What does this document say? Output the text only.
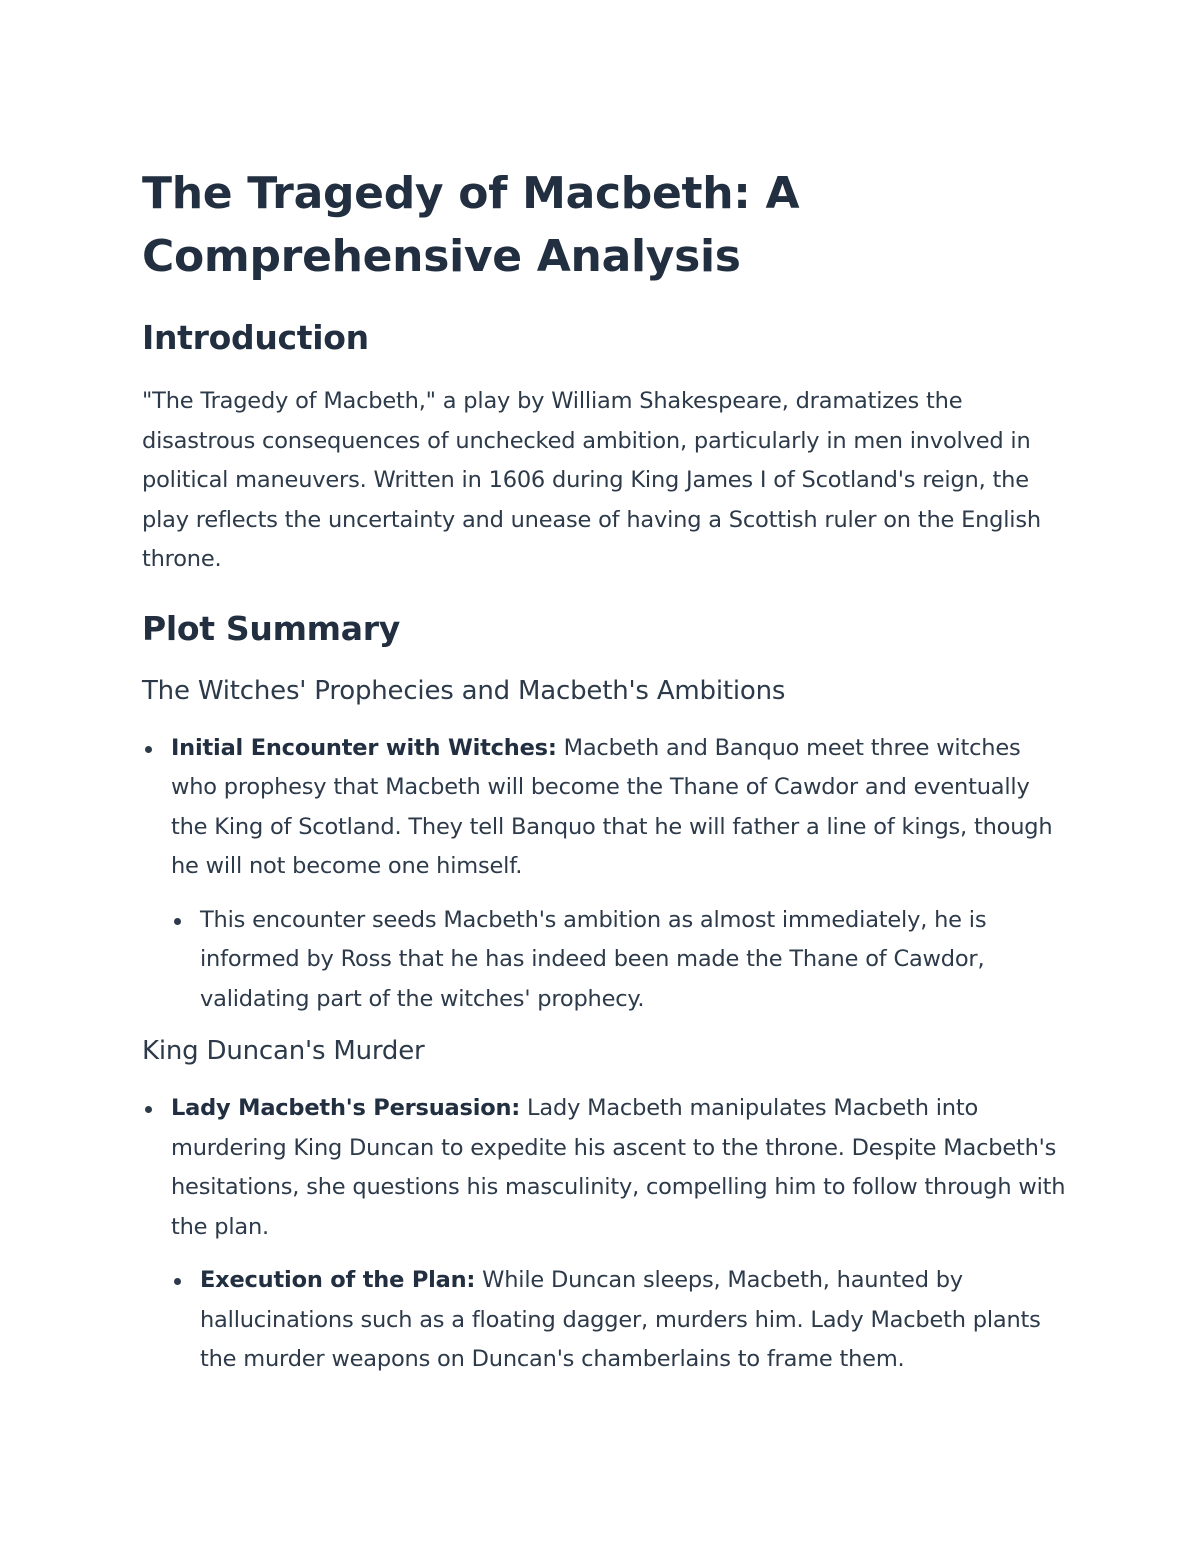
The Tragedy of Macbeth: A Comprehensive Analysis
Introduction

"The Tragedy of Macbeth," a play by William Shakespeare, dramatizes the disastrous consequences of unchecked ambition, particularly in men involved in political maneuvers. Written in 1606 during King James I of Scotland's reign, the play reflects the uncertainty and unease of having a Scottish ruler on the English throne.

Plot Summary
The Witches' Prophecies and Macbeth's Ambitions
Initial Encounter with Witches: Macbeth and Banquo meet three witches who prophesy that Macbeth will become the Thane of Cawdor and eventually the King of Scotland. They tell Banquo that he will father a line of kings, though he will not become one himself.
This encounter seeds Macbeth's ambition as almost immediately, he is informed by Ross that he has indeed been made the Thane of Cawdor, validating part of the witches' prophecy.
King Duncan's Murder
Lady Macbeth's Persuasion: Lady Macbeth manipulates Macbeth into murdering King Duncan to expedite his ascent to the throne. Despite Macbeth's hesitations, she questions his masculinity, compelling him to follow through with the plan.
Execution of the Plan: While Duncan sleeps, Macbeth, haunted by hallucinations such as a floating dagger, murders him. Lady Macbeth plants the murder weapons on Duncan's chamberlains to frame them.
